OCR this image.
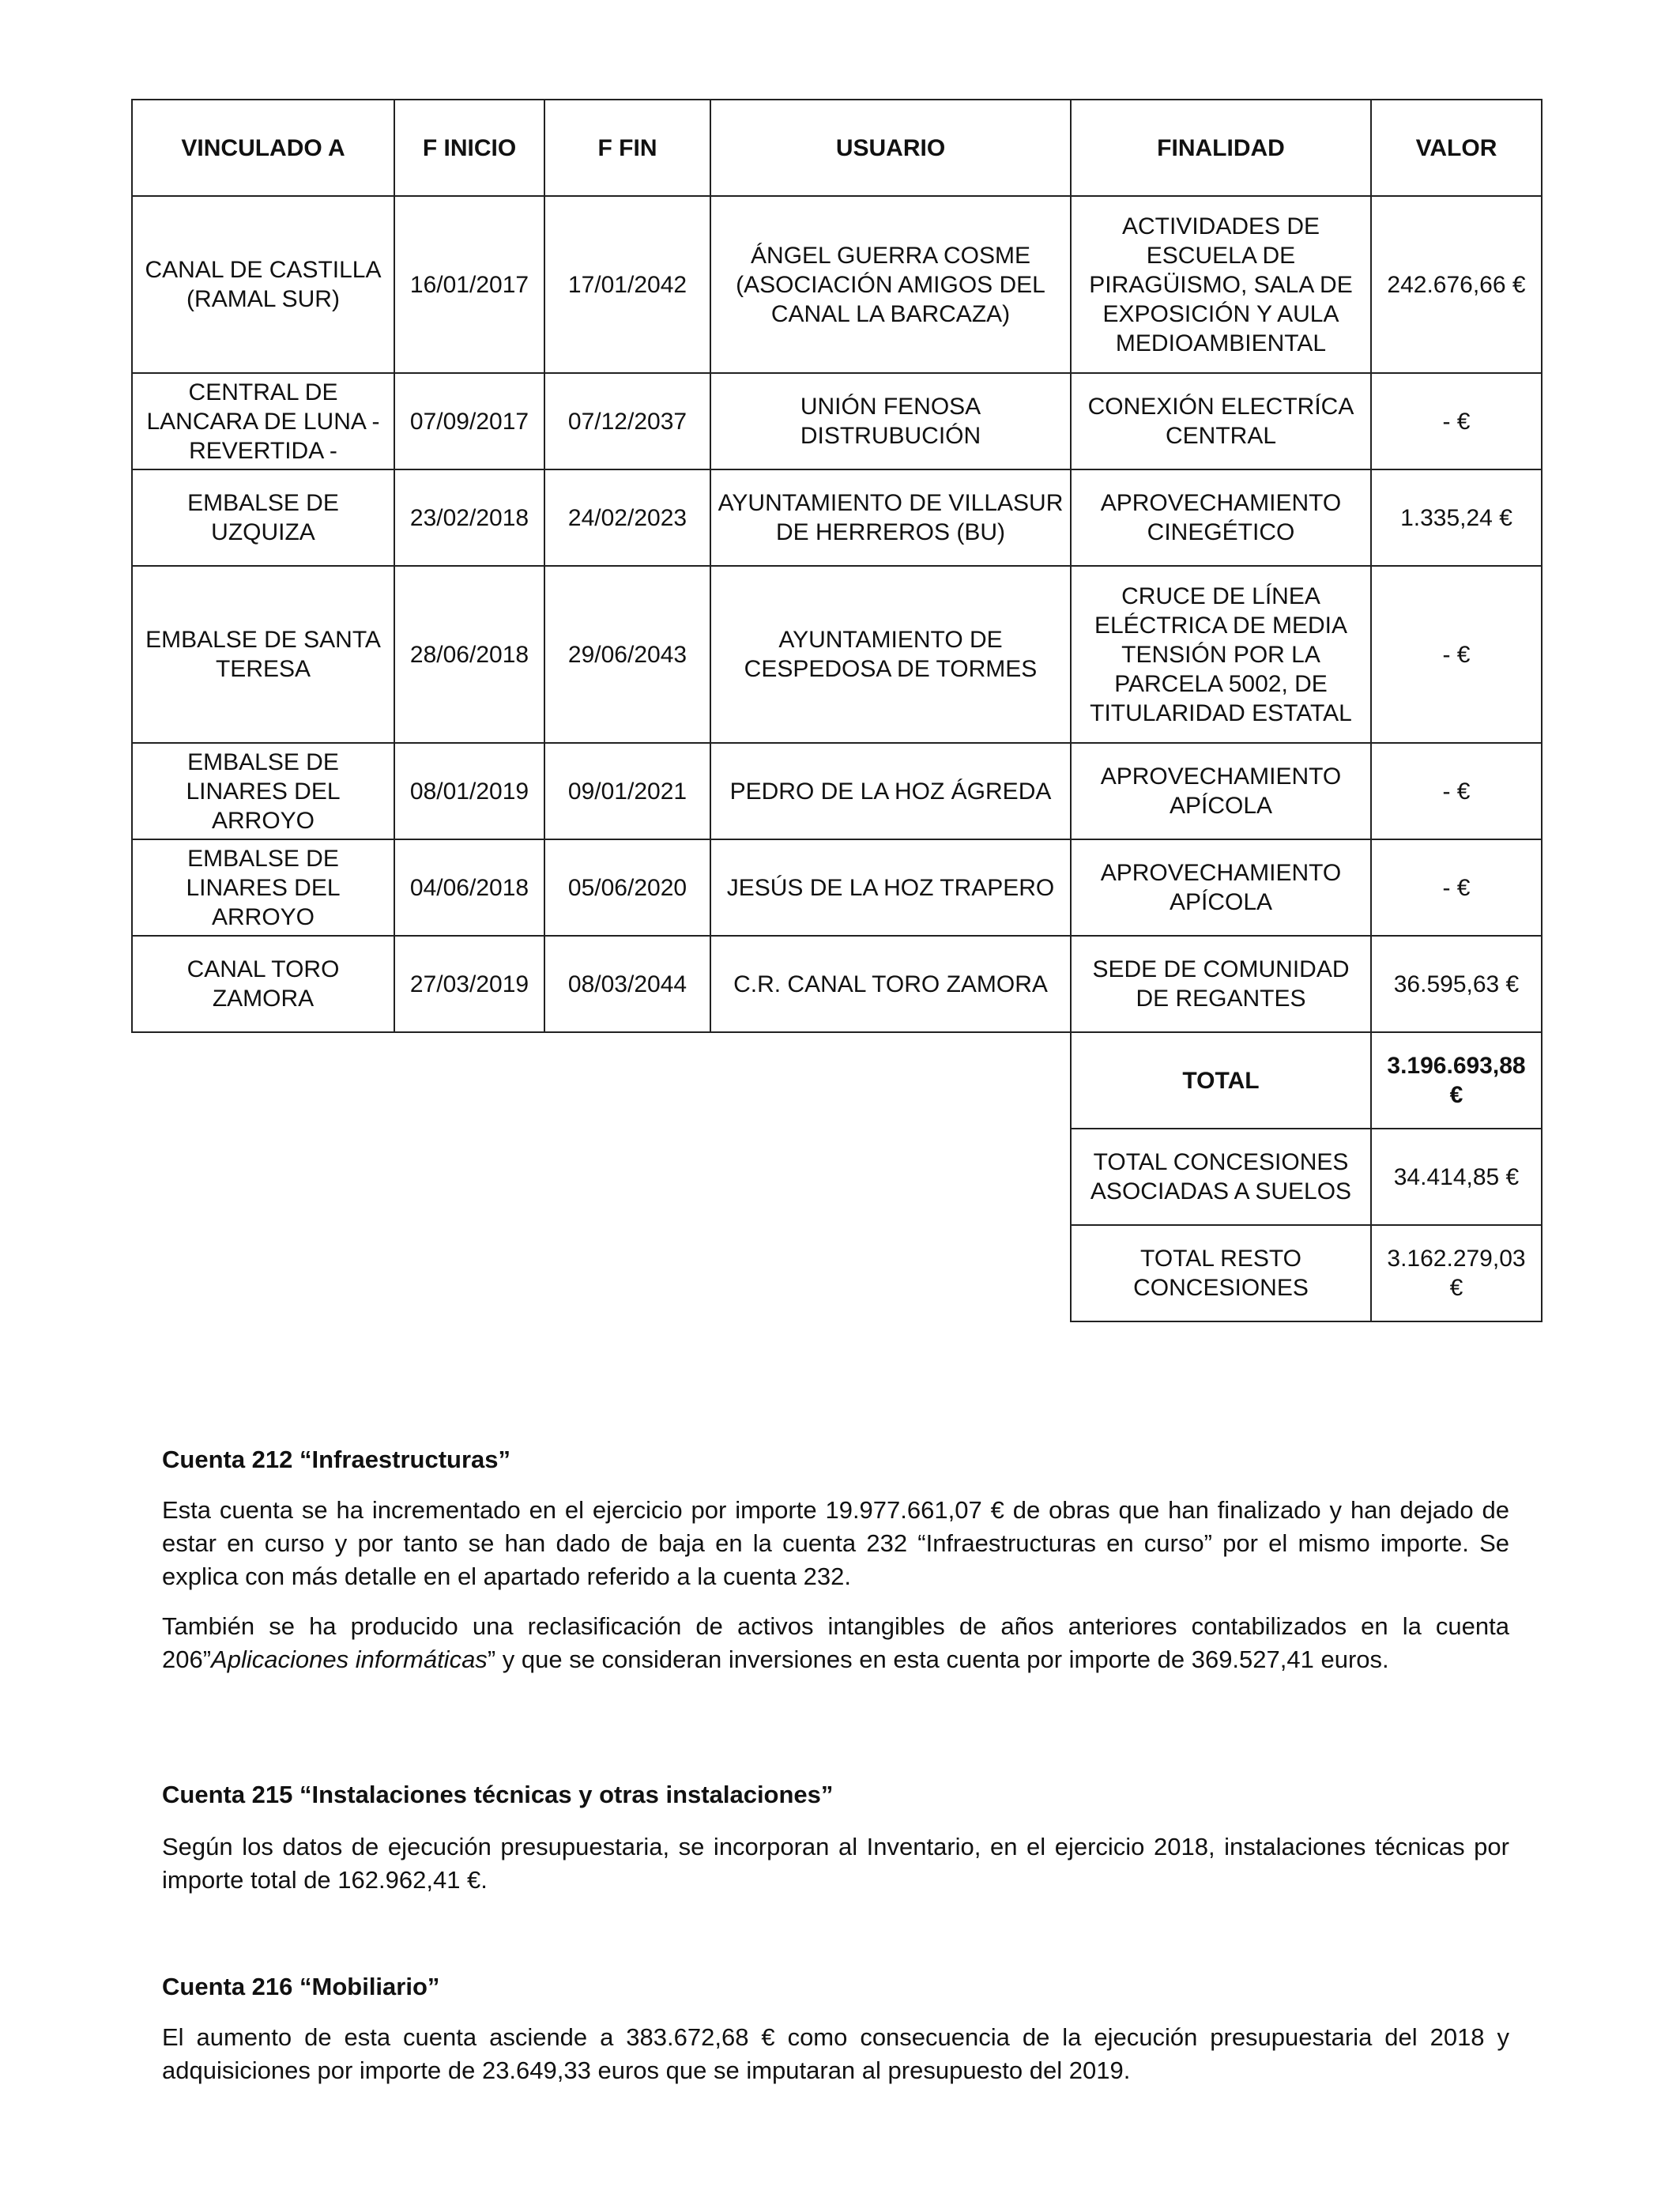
VINCULADO A	F INICIO	F FIN	USUARIO	FINALIDAD	VALOR
CANAL DE CASTILLA (RAMAL SUR)	16/01/2017	17/01/2042	ÁNGEL GUERRA COSME (ASOCIACIÓN AMIGOS DEL CANAL LA BARCAZA)	ACTIVIDADES DE ESCUELA DE PIRAGÜISMO, SALA DE EXPOSICIÓN Y AULA MEDIOAMBIENTAL	242.676,66 €
CENTRAL DE LANCARA DE LUNA - REVERTIDA -	07/09/2017	07/12/2037	UNIÓN FENOSA DISTRUBUCIÓN	CONEXIÓN ELECTRÍCA CENTRAL	- €
EMBALSE DE UZQUIZA	23/02/2018	24/02/2023	AYUNTAMIENTO DE VILLASUR DE HERREROS (BU)	APROVECHAMIENTO CINEGÉTICO	1.335,24 €
EMBALSE DE SANTA TERESA	28/06/2018	29/06/2043	AYUNTAMIENTO DE CESPEDOSA DE TORMES	CRUCE DE LÍNEA ELÉCTRICA DE MEDIA TENSIÓN POR LA PARCELA 5002, DE TITULARIDAD ESTATAL	- €
EMBALSE DE LINARES DEL ARROYO	08/01/2019	09/01/2021	PEDRO DE LA HOZ ÁGREDA	APROVECHAMIENTO APÍCOLA	- €
EMBALSE DE LINARES DEL ARROYO	04/06/2018	05/06/2020	JESÚS DE LA HOZ TRAPERO	APROVECHAMIENTO APÍCOLA	- €
CANAL TORO ZAMORA	27/03/2019	08/03/2044	C.R. CANAL TORO ZAMORA	SEDE DE COMUNIDAD DE REGANTES	36.595,63 €
				TOTAL	3.196.693,88 €
				TOTAL CONCESIONES ASOCIADAS A SUELOS	34.414,85 €
				TOTAL RESTO CONCESIONES	3.162.279,03 €
Cuenta 212 “Infraestructuras”

Esta cuenta se ha incrementado en el ejercicio por importe 19.977.661,07 € de obras que han finalizado y han dejado de estar en curso y por tanto se han dado de baja en la cuenta 232 “Infraestructuras en curso” por el mismo importe. Se explica con más detalle en el apartado referido a la cuenta 232.

También se ha producido una reclasificación de activos intangibles de años anteriores contabilizados en la cuenta 206”Aplicaciones informáticas” y que se consideran inversiones en esta cuenta por importe de 369.527,41 euros.

Cuenta 215 “Instalaciones técnicas y otras instalaciones”

Según los datos de ejecución presupuestaria, se incorporan al Inventario, en el ejercicio 2018, instalaciones técnicas por importe total de 162.962,41 €.

Cuenta 216 “Mobiliario”

El aumento de esta cuenta asciende a 383.672,68 € como consecuencia de la ejecución presupuestaria del 2018 y adquisiciones por importe de 23.649,33 euros que se imputaran al presupuesto del 2019.
